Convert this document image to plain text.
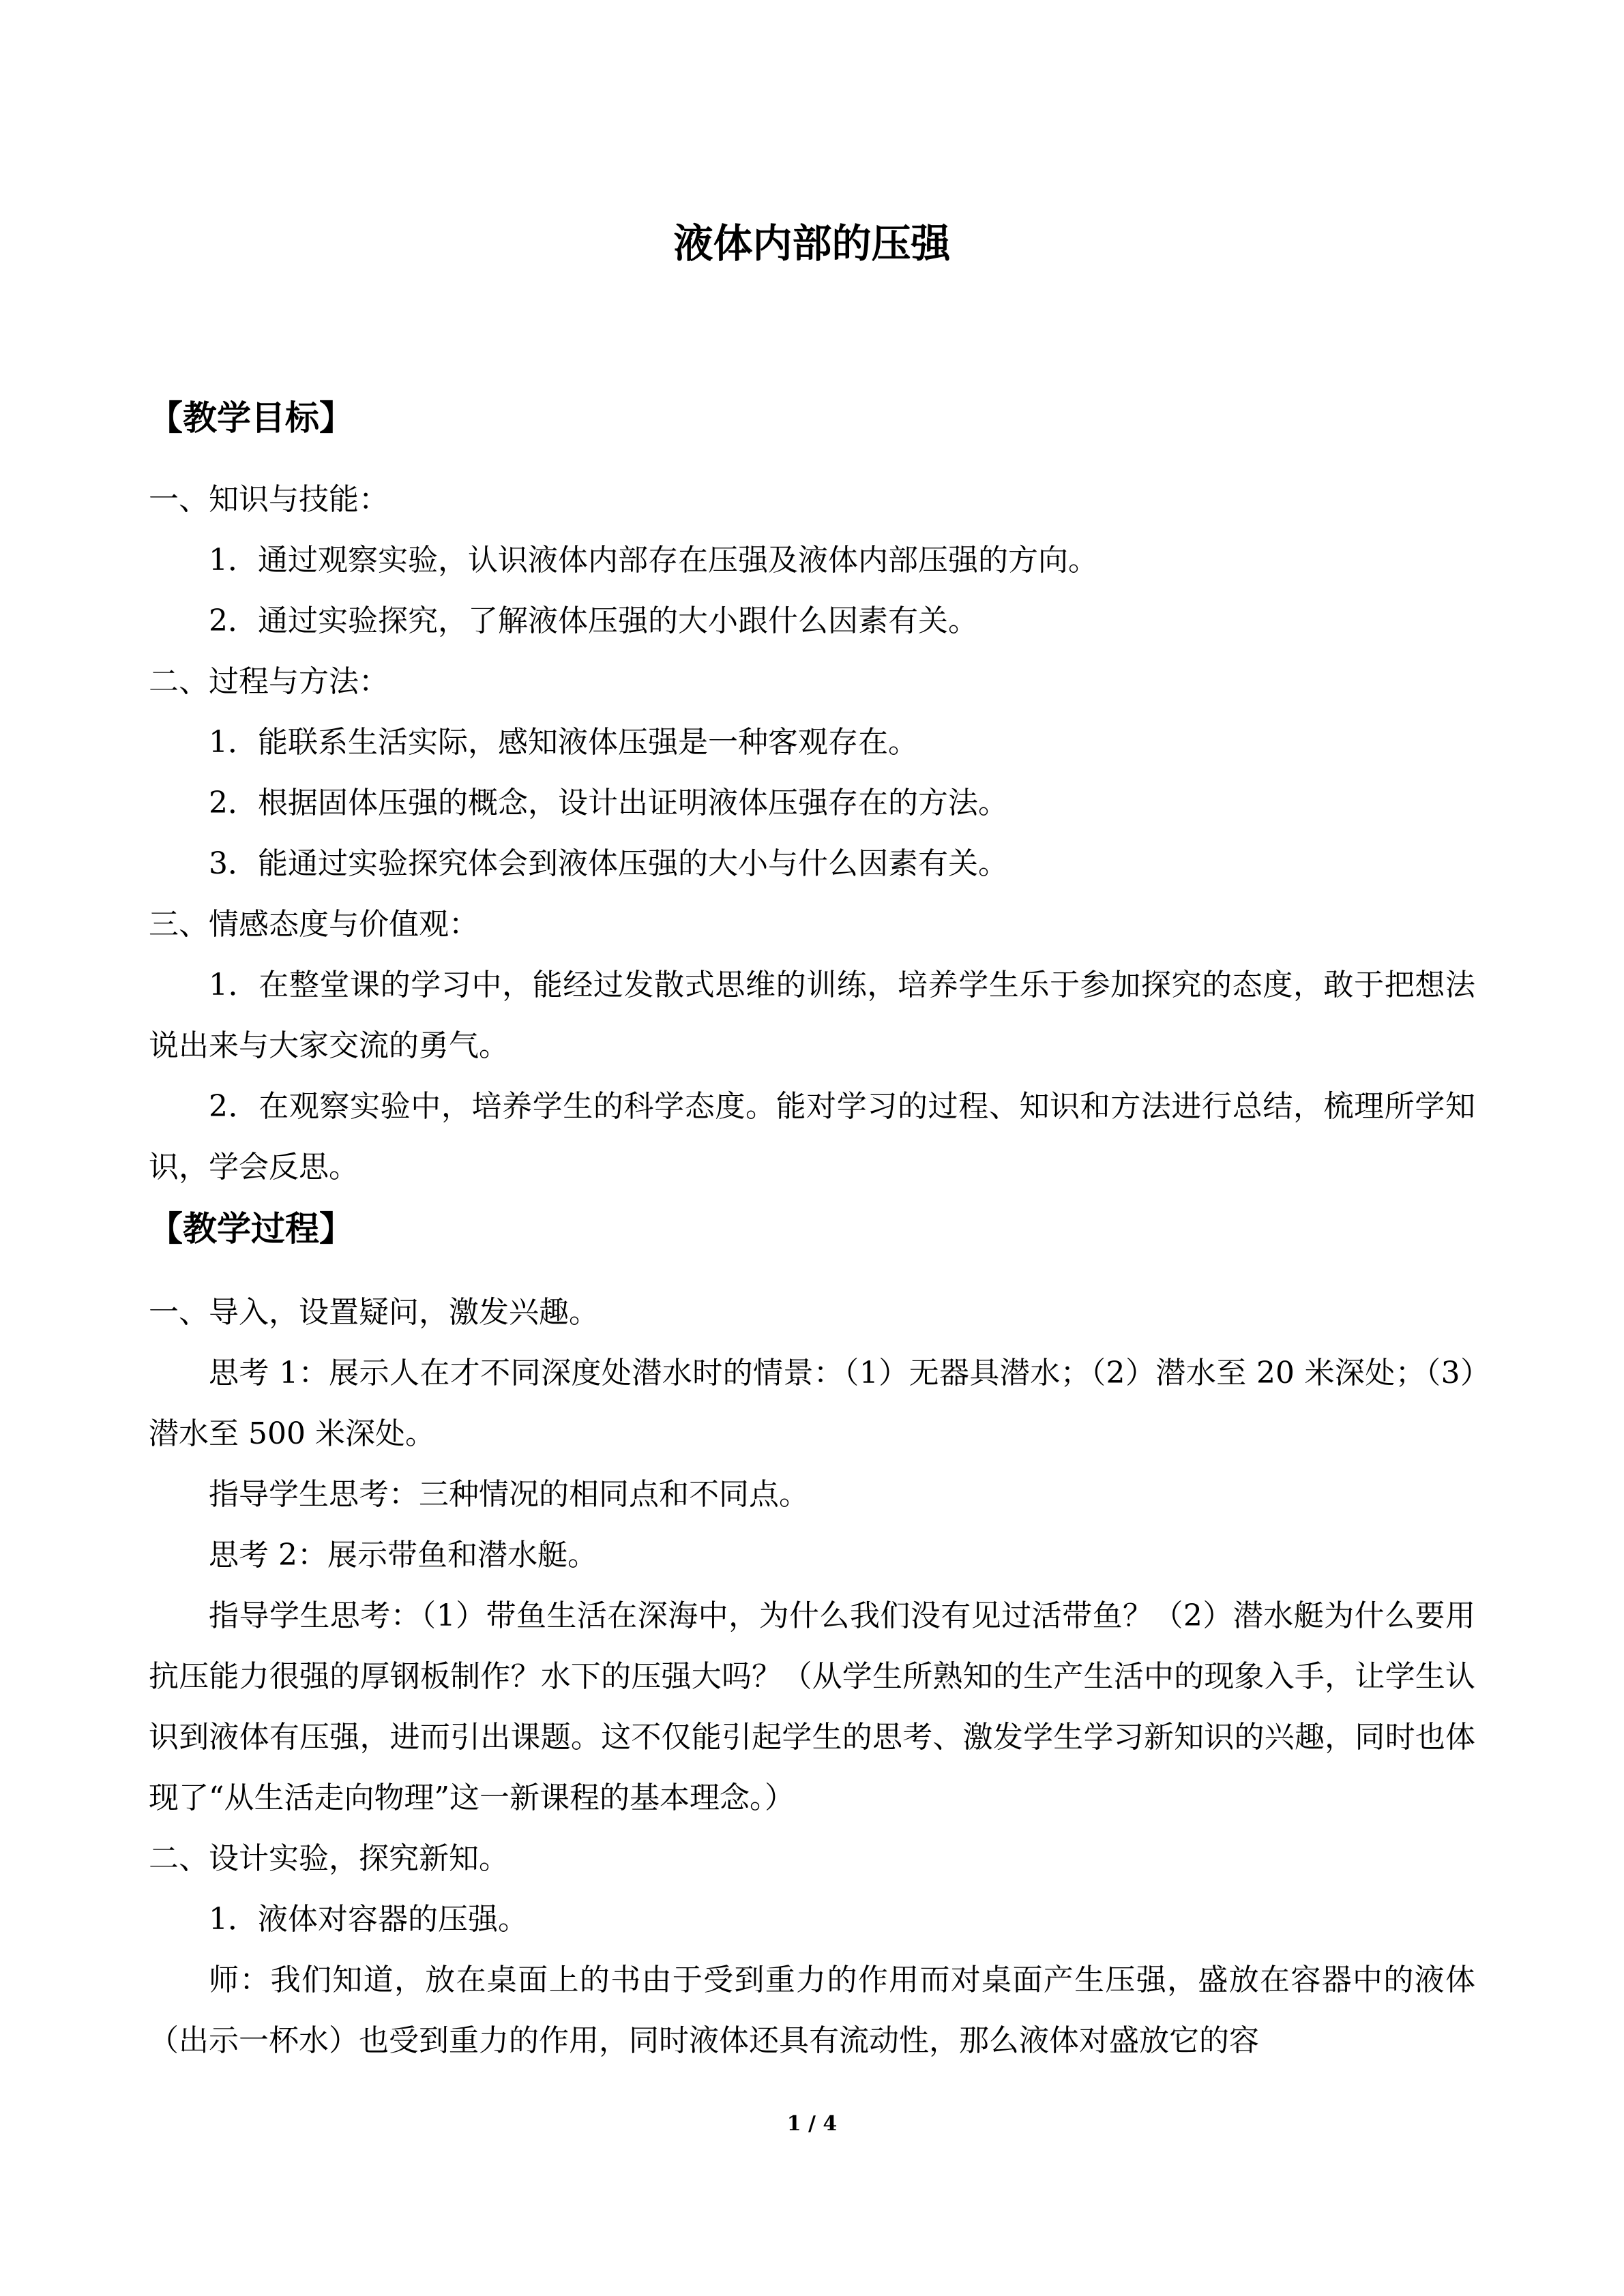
液体内部的压强
【教学目标】

一、知识与技能：

1．通过观察实验，认识液体内部存在压强及液体内部压强的方向。

2．通过实验探究，了解液体压强的大小跟什么因素有关。

二、过程与方法：

1．能联系生活实际，感知液体压强是一种客观存在。

2．根据固体压强的概念，设计出证明液体压强存在的方法。

3．能通过实验探究体会到液体压强的大小与什么因素有关。

三、情感态度与价值观：

1．在整堂课的学习中，能经过发散式思维的训练，培养学生乐于参加探究的态度，敢于把想法说出来与大家交流的勇气。

2．在观察实验中，培养学生的科学态度。能对学习的过程、知识和方法进行总结，梳理所学知识，学会反思。

【教学过程】

一、导入，设置疑问，激发兴趣。

思考 1：展示人在才不同深度处潜水时的情景：（1）无器具潜水；（2）潜水至 20 米深处；（3）潜水至 500 米深处。

指导学生思考：三种情况的相同点和不同点。

思考 2：展示带鱼和潜水艇。

指导学生思考：（1）带鱼生活在深海中，为什么我们没有见过活带鱼？（2）潜水艇为什么要用抗压能力很强的厚钢板制作？水下的压强大吗？（从学生所熟知的生产生活中的现象入手，让学生认识到液体有压强，进而引出课题。这不仅能引起学生的思考、激发学生学习新知识的兴趣，同时也体现了“从生活走向物理”这一新课程的基本理念。）

二、设计实验，探究新知。

1．液体对容器的压强。

师：我们知道，放在桌面上的书由于受到重力的作用而对桌面产生压强，盛放在容器中的液体（出示一杯水）也受到重力的作用，同时液体还具有流动性，那么液体对盛放它的容

1 / 4
